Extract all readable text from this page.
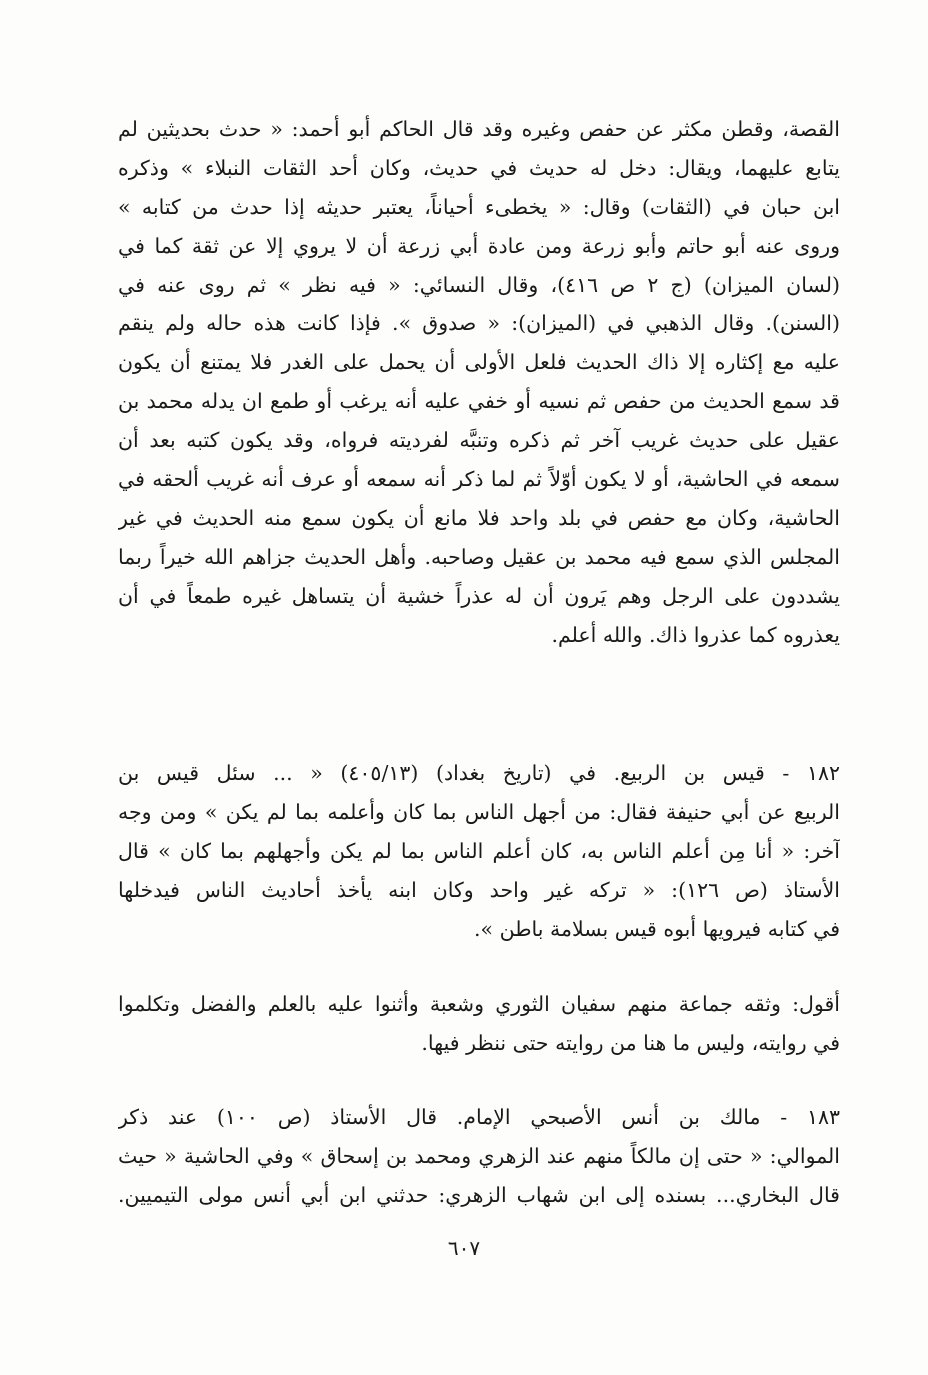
القصة، وقطن مكثر عن حفص وغيره وقد قال الحاكم أبو أحمد: « حدث بحديثين لم
يتابع عليهما، ويقال: دخل له حديث في حديث، وكان أحد الثقات النبلاء » وذكره
ابن حبان في (الثقات) وقال: « يخطىء أحياناً، يعتبر حديثه إذا حدث من كتابه »
وروى عنه أبو حاتم وأبو زرعة ومن عادة أبي زرعة أن لا يروي إلا عن ثقة كما في
(لسان الميزان) (ج ٢ ص ٤١٦)، وقال النسائي: « فيه نظر » ثم روى عنه في
(السنن). وقال الذهبي في (الميزان): « صدوق ». فإذا كانت هذه حاله ولم ينقم
عليه مع إكثاره إلا ذاك الحديث فلعل الأولى أن يحمل على الغدر فلا يمتنع أن يكون
قد سمع الحديث من حفص ثم نسيه أو خفي عليه أنه يرغب أو طمع ان يدله محمد بن
عقيل على حديث غريب آخر ثم ذكره وتنبَّه لفرديته فرواه، وقد يكون كتبه بعد أن
سمعه في الحاشية، أو لا يكون أوّلاً ثم لما ذكر أنه سمعه أو عرف أنه غريب ألحقه في
الحاشية، وكان مع حفص في بلد واحد فلا مانع أن يكون سمع منه الحديث في غير
المجلس الذي سمع فيه محمد بن عقيل وصاحبه. وأهل الحديث جزاهم الله خيراً ربما
يشددون على الرجل وهم يَرون أن له عذراً خشية أن يتساهل غيره طمعاً في أن
يعذروه كما عذروا ذاك. والله أعلم.
١٨٢ - قيس بن الربيع. في (تاريخ بغداد) (٤٠٥/١٣) « ... سئل قيس بن
الربيع عن أبي حنيفة فقال: من أجهل الناس بما كان وأعلمه بما لم يكن » ومن وجه
آخر: « أنا مِن أعلم الناس به، كان أعلم الناس بما لم يكن وأجهلهم بما كان » قال
الأستاذ (ص ١٢٦): « تركه غير واحد وكان ابنه يأخذ أحاديث الناس فيدخلها
في كتابه فيرويها أبوه قيس بسلامة باطن ».
أقول: وثقه جماعة منهم سفيان الثوري وشعبة وأثنوا عليه بالعلم والفضل وتكلموا
في روايته، وليس ما هنا من روايته حتى ننظر فيها.
١٨٣ - مالك بن أنس الأصبحي الإمام. قال الأستاذ (ص ١٠٠) عند ذكر
الموالي: « حتى إن مالكاً منهم عند الزهري ومحمد بن إسحاق » وفي الحاشية « حيث
قال البخاري... بسنده إلى ابن شهاب الزهري: حدثني ابن أبي أنس مولى التيميين.
٦٠٧
